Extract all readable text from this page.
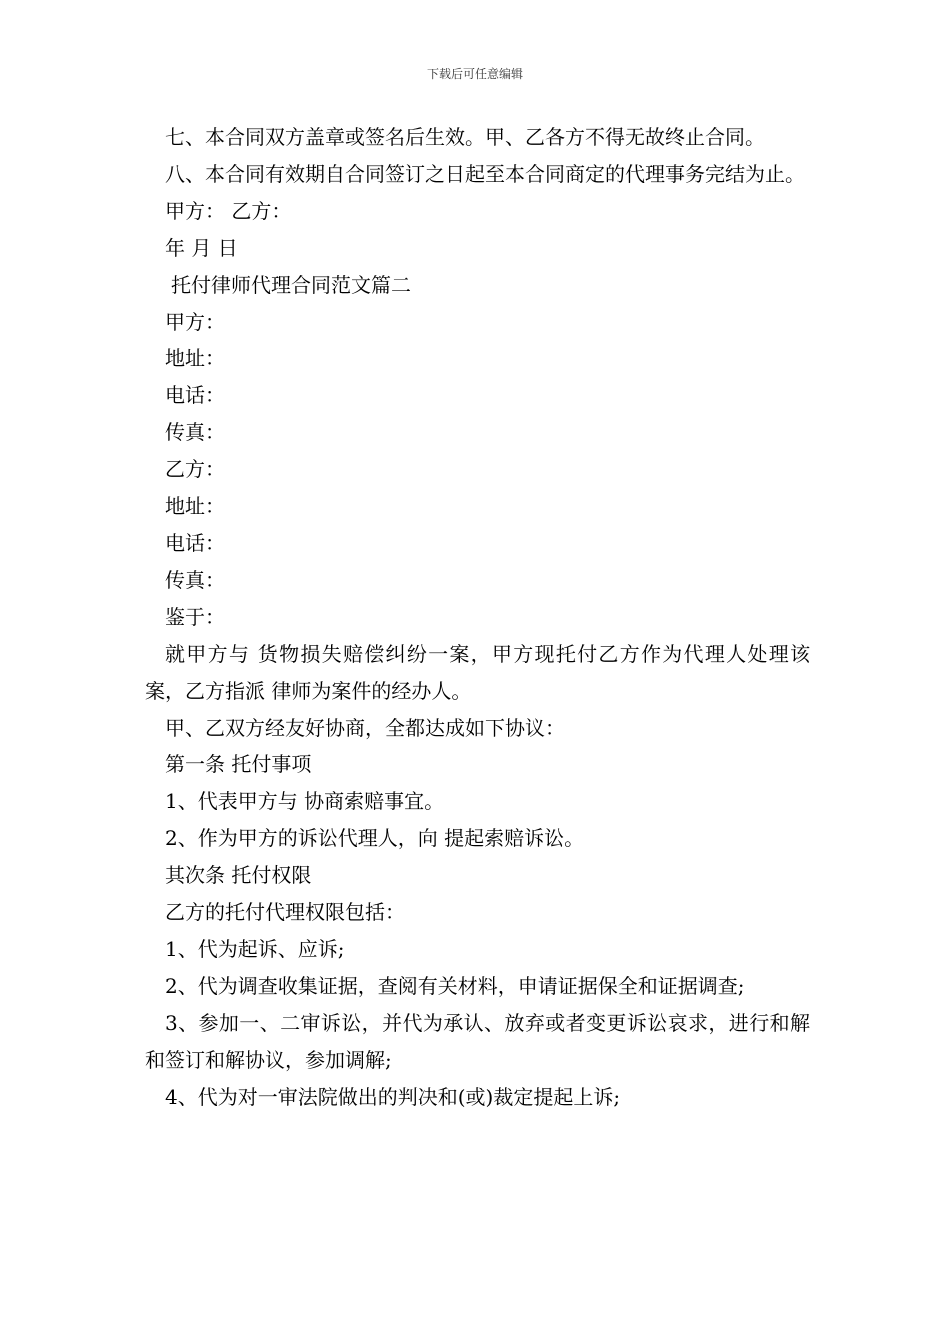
下载后可任意编辑

七、本合同双方盖章或签名后生效。甲、乙各方不得无故终止合同。

八、本合同有效期自合同签订之日起至本合同商定的代理事务完结为止。

甲方： 乙方：

年 月 日

托付律师代理合同范文篇二

甲方：

地址：

电话：

传真：

乙方：

地址：

电话：

传真：

鉴于：

就甲方与 货物损失赔偿纠纷一案，甲方现托付乙方作为代理人处理该案，乙方指派 律师为案件的经办人。

甲、乙双方经友好协商，全都达成如下协议：

第一条 托付事项

1、代表甲方与 协商索赔事宜。

2、作为甲方的诉讼代理人，向 提起索赔诉讼。

其次条 托付权限

乙方的托付代理权限包括：

1、代为起诉、应诉;

2、代为调查收集证据，查阅有关材料，申请证据保全和证据调查;

3、参加一、二审诉讼，并代为承认、放弃或者变更诉讼哀求，进行和解和签订和解协议，参加调解;

4、代为对一审法院做出的判决和(或)裁定提起上诉;
